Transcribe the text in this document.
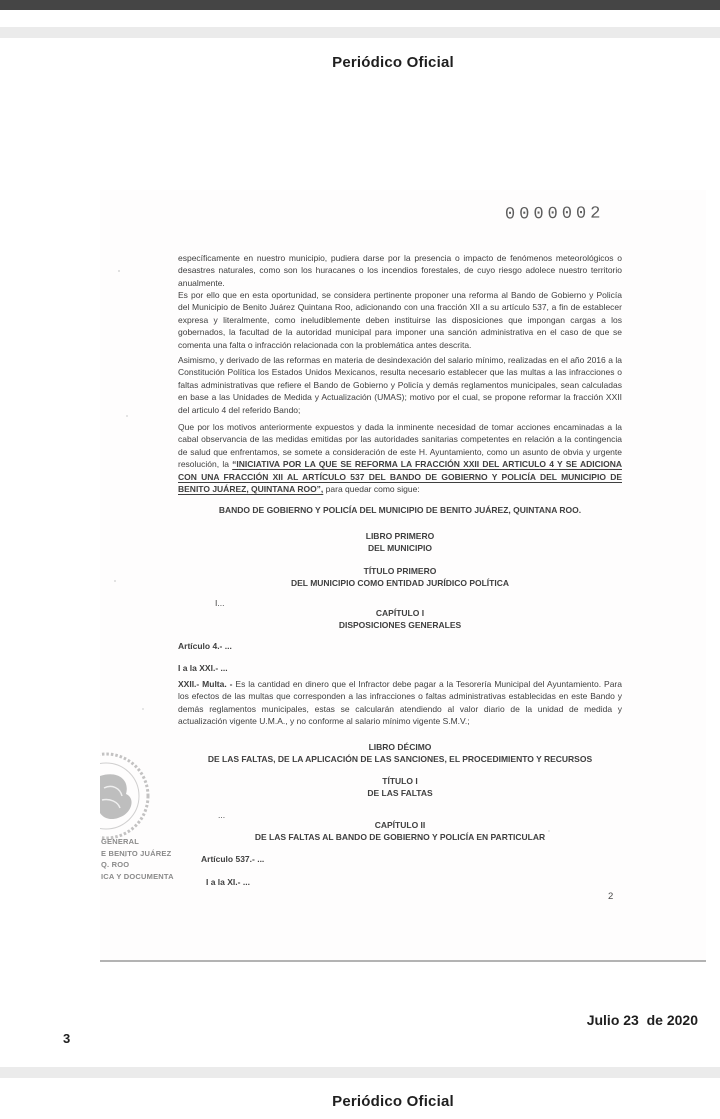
Periódico Oficial
0000002
específicamente en nuestro municipio, pudiera darse por la presencia o impacto de fenómenos meteorológicos o desastres naturales, como son los huracanes o los incendios forestales, de cuyo riesgo adolece nuestro territorio anualmente.
Es por ello que en esta oportunidad, se considera pertinente proponer una reforma al Bando de Gobierno y Policía del Municipio de Benito Juárez Quintana Roo, adicionando con una fracción XII a su artículo 537, a fin de establecer expresa y literalmente, como ineludiblemente deben instituirse las disposiciones que impongan cargas a los gobernados, la facultad de la autoridad municipal para imponer una sanción administrativa en el caso de que se comenta una falta o infracción relacionada con la problemática antes descrita.
Asimismo, y derivado de las reformas en materia de desindexación del salario mínimo, realizadas en el año 2016 a la Constitución Política los Estados Unidos Mexicanos, resulta necesario establecer que las multas a las infracciones o faltas administrativas que refiere el Bando de Gobierno y Policía y demás reglamentos municipales, sean calculadas en base a las Unidades de Medida y Actualización (UMAS); motivo por el cual, se propone reformar la fracción XXII del articulo 4 del referido Bando;
Que por los motivos anteriormente expuestos y dada la inminente necesidad de tomar acciones encaminadas a la cabal observancia de las medidas emitidas por las autoridades sanitarias competentes en relación a la contingencia de salud que enfrentamos, se somete a consideración de este H. Ayuntamiento, como un asunto de obvia y urgente resolución, la “INICIATIVA POR LA QUE SE REFORMA LA FRACCIÓN XXII DEL ARTICULO 4 Y SE ADICIONA CON UNA FRACCIÓN XII AL ARTÍCULO 537 DEL BANDO DE GOBIERNO Y POLICÍA DEL MUNICIPIO DE BENITO JUÁREZ, QUINTANA ROO”, para quedar como sigue:
BANDO DE GOBIERNO Y POLICÍA DEL MUNICIPIO DE BENITO JUÁREZ, QUINTANA ROO.
LIBRO PRIMERO
DEL MUNICIPIO
TÍTULO PRIMERO
DEL MUNICIPIO COMO ENTIDAD JURÍDICO POLÍTICA
I...
CAPÍTULO I
DISPOSICIONES GENERALES
Artículo 4.- ...
I a la XXI.- ...
XXII.- Multa. - Es la cantidad en dinero que el Infractor debe pagar a la Tesorería Municipal del Ayuntamiento. Para los efectos de las multas que corresponden a las infracciones o faltas administrativas establecidas en este Bando y demás reglamentos municipales, estas se calcularán atendiendo al valor diario de la unidad de medida y actualización vigente U.M.A., y no conforme al salario mínimo vigente S.M.V.;
LIBRO DÉCIMO
DE LAS FALTAS, DE LA APLICACIÓN DE LAS SANCIONES, EL PROCEDIMIENTO Y RECURSOS
TÍTULO I
DE LAS FALTAS
...
CAPÍTULO II
DE LAS FALTAS AL BANDO DE GOBIERNO Y POLICÍA EN PARTICULAR
Artículo 537.- ...
I a la XI.- ...
GENERAL
E BENITO JUÁREZ
Q. ROO
ICA Y DOCUMENTA
2
Julio 23  de 2020
3
Periódico Oficial
